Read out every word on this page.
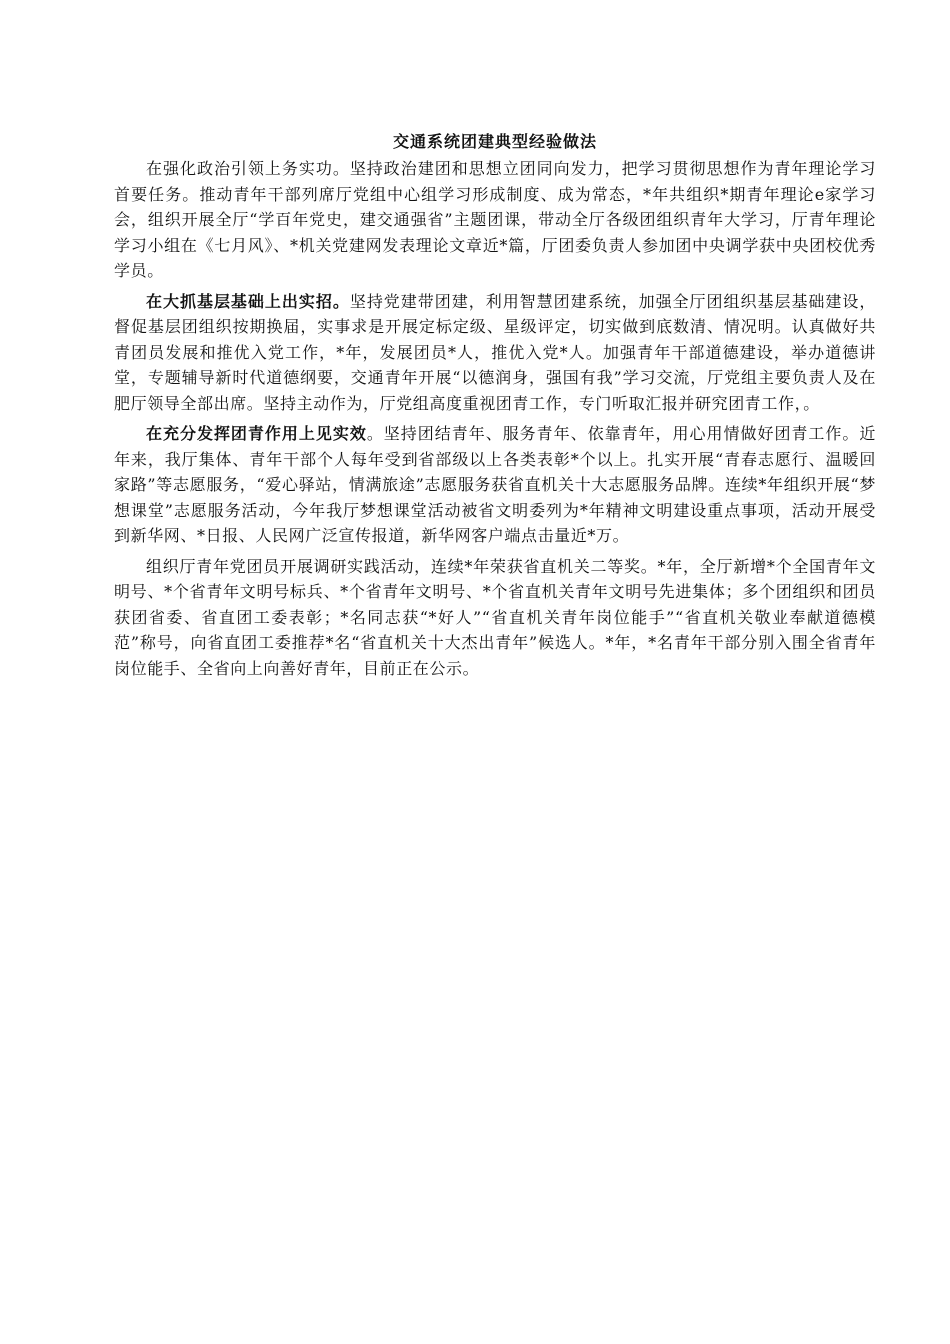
交通系统团建典型经验做法

在强化政治引领上务实功。坚持政治建团和思想立团同向发力，把学习贯彻思想作为青年理论学习首要任务。推动青年干部列席厅党组中心组学习形成制度、成为常态，*年共组织*期青年理论e家学习会，组织开展全厅“学百年党史，建交通强省”主题团课，带动全厅各级团组织青年大学习，厅青年理论学习小组在《七月风》、*机关党建网发表理论文章近*篇，厅团委负责人参加团中央调学获中央团校优秀学员。

在大抓基层基础上出实招。坚持党建带团建，利用智慧团建系统，加强全厅团组织基层基础建设，督促基层团组织按期换届，实事求是开展定标定级、星级评定，切实做到底数清、情况明。认真做好共青团员发展和推优入党工作，*年，发展团员*人，推优入党*人。加强青年干部道德建设，举办道德讲堂，专题辅导新时代道德纲要，交通青年开展“以德润身，强国有我”学习交流，厅党组主要负责人及在肥厅领导全部出席。坚持主动作为，厅党组高度重视团青工作，专门听取汇报并研究团青工作，。

在充分发挥团青作用上见实效。坚持团结青年、服务青年、依靠青年，用心用情做好团青工作。近年来，我厅集体、青年干部个人每年受到省部级以上各类表彰*个以上。扎实开展“青春志愿行、温暖回家路”等志愿服务，“爱心驿站，情满旅途”志愿服务获省直机关十大志愿服务品牌。连续*年组织开展“梦想课堂”志愿服务活动，今年我厅梦想课堂活动被省文明委列为*年精神文明建设重点事项，活动开展受到新华网、*日报、人民网广泛宣传报道，新华网客户端点击量近*万。

组织厅青年党团员开展调研实践活动，连续*年荣获省直机关二等奖。*年，全厅新增*个全国青年文明号、*个省青年文明号标兵、*个省青年文明号、*个省直机关青年文明号先进集体；多个团组织和团员获团省委、省直团工委表彰；*名同志获“*好人”“省直机关青年岗位能手”“省直机关敬业奉献道德模范”称号，向省直团工委推荐*名“省直机关十大杰出青年”候选人。*年，*名青年干部分别入围全省青年岗位能手、全省向上向善好青年，目前正在公示。
